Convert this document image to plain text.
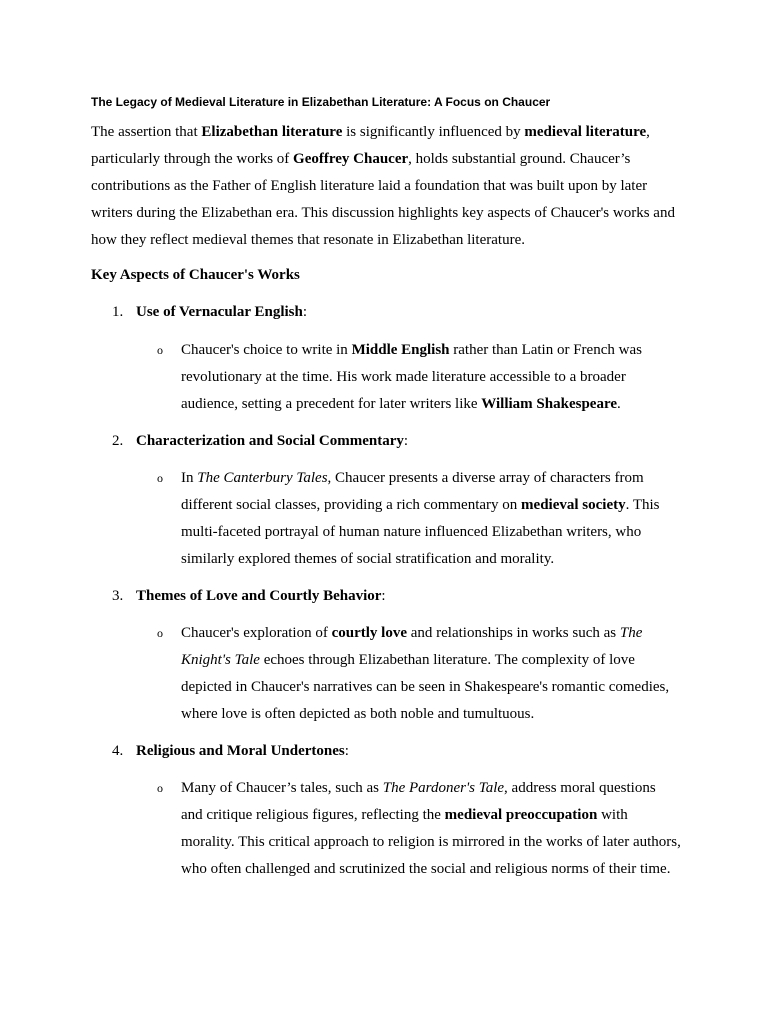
The Legacy of Medieval Literature in Elizabethan Literature: A Focus on Chaucer
The assertion that Elizabethan literature is significantly influenced by medieval literature, particularly through the works of Geoffrey Chaucer, holds substantial ground. Chaucer’s contributions as the Father of English literature laid a foundation that was built upon by later writers during the Elizabethan era. This discussion highlights key aspects of Chaucer's works and how they reflect medieval themes that resonate in Elizabethan literature.
Key Aspects of Chaucer's Works
1. Use of Vernacular English:
o	Chaucer's choice to write in Middle English rather than Latin or French was revolutionary at the time. His work made literature accessible to a broader audience, setting a precedent for later writers like William Shakespeare.
2. Characterization and Social Commentary:
o	In The Canterbury Tales, Chaucer presents a diverse array of characters from different social classes, providing a rich commentary on medieval society. This multi-faceted portrayal of human nature influenced Elizabethan writers, who similarly explored themes of social stratification and morality.
3. Themes of Love and Courtly Behavior:
o	Chaucer's exploration of courtly love and relationships in works such as The Knight's Tale echoes through Elizabethan literature. The complexity of love depicted in Chaucer's narratives can be seen in Shakespeare's romantic comedies, where love is often depicted as both noble and tumultuous.
4. Religious and Moral Undertones:
o	Many of Chaucer’s tales, such as The Pardoner's Tale, address moral questions and critique religious figures, reflecting the medieval preoccupation with morality. This critical approach to religion is mirrored in the works of later authors, who often challenged and scrutinized the social and religious norms of their time.
